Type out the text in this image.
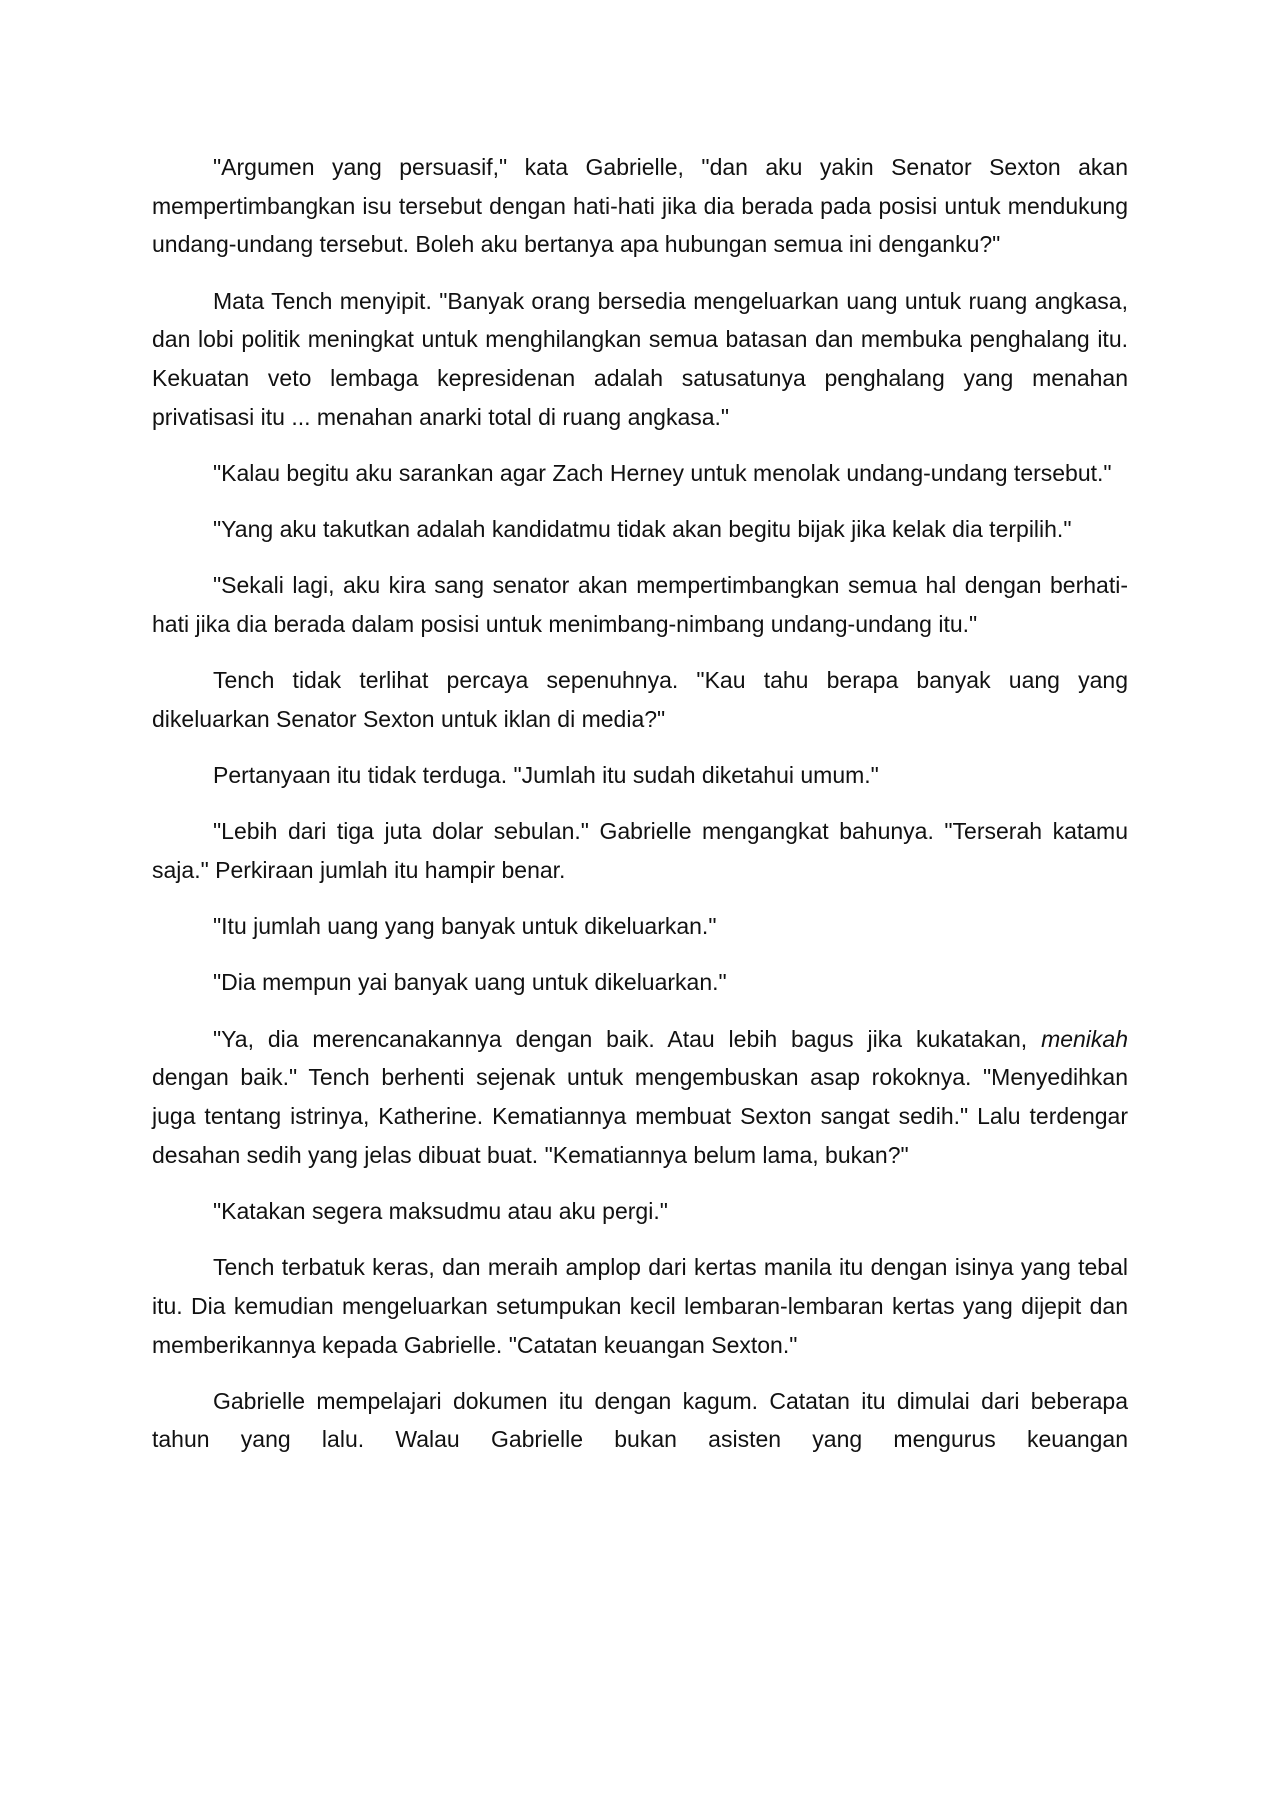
"Argumen yang persuasif," kata Gabrielle, "dan aku yakin Senator Sexton akan mempertimbangkan isu tersebut dengan hati-hati jika dia berada pada posisi untuk mendukung undang-undang tersebut. Boleh aku bertanya apa hubungan semua ini denganku?"

Mata Tench menyipit. "Banyak orang bersedia mengeluarkan uang untuk ruang angkasa, dan lobi politik meningkat untuk menghilangkan semua batasan dan membuka penghalang itu. Kekuatan veto lembaga kepresidenan adalah satusatunya penghalang yang menahan privatisasi itu ... menahan anarki total di ruang angkasa."

"Kalau begitu aku sarankan agar Zach Herney untuk menolak undang-undang tersebut."

"Yang aku takutkan adalah kandidatmu tidak akan begitu bijak jika kelak dia terpilih."

"Sekali lagi, aku kira sang senator akan mempertimbangkan semua hal dengan berhati-hati jika dia berada dalam posisi untuk menimbang-nimbang undang-undang itu."

Tench tidak terlihat percaya sepenuhnya. "Kau tahu berapa banyak uang yang dikeluarkan Senator Sexton untuk iklan di media?"

Pertanyaan itu tidak terduga. "Jumlah itu sudah diketahui umum."

"Lebih dari tiga juta dolar sebulan." Gabrielle mengangkat bahunya. "Terserah katamu saja." Perkiraan jumlah itu hampir benar.

"Itu jumlah uang yang banyak untuk dikeluarkan."

"Dia mempun yai banyak uang untuk dikeluarkan."

"Ya, dia merencanakannya dengan baik. Atau lebih bagus jika kukatakan, menikah dengan baik." Tench berhenti sejenak untuk mengembuskan asap rokoknya. "Menyedihkan juga tentang istrinya, Katherine. Kematiannya membuat Sexton sangat sedih." Lalu terdengar desahan sedih yang jelas dibuat buat. "Kematiannya belum lama, bukan?"

"Katakan segera maksudmu atau aku pergi."

Tench terbatuk keras, dan meraih amplop dari kertas manila itu dengan isinya yang tebal itu. Dia kemudian mengeluarkan setumpukan kecil lembaran-lembaran kertas yang dijepit dan memberikannya kepada Gabrielle. "Catatan keuangan Sexton."

Gabrielle mempelajari dokumen itu dengan kagum. Catatan itu dimulai dari beberapa tahun yang lalu. Walau Gabrielle bukan asisten yang mengurus keuangan
